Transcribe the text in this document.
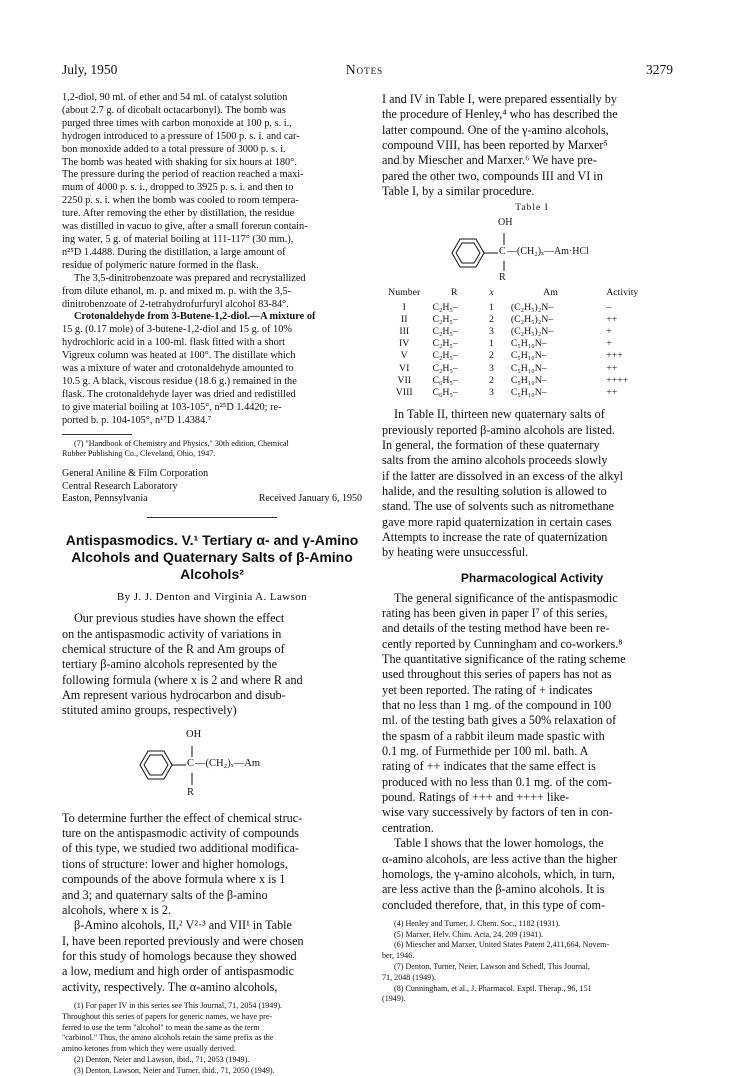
July, 1950	Notes	3279
1,2-diol, 90 ml. of ether and 54 ml. of catalyst solution
(about 2.7 g. of dicobalt octacarbonyl). The bomb was
purged three times with carbon monoxide at 100 p. s. i.,
hydrogen introduced to a pressure of 1500 p. s. i. and car-
bon monoxide added to a total pressure of 3000 p. s. i.
The bomb was heated with shaking for six hours at 180°.
The pressure during the period of reaction reached a maxi-
mum of 4000 p. s. i., dropped to 3925 p. s. i. and then to
2250 p. s. i. when the bomb was cooled to room tempera-
ture. After removing the ether by distillation, the residue
was distilled in vacuo to give, after a small forerun contain-
ing water, 5 g. of material boiling at 111-117° (30 mm.),
n²⁵D 1.4488. During the distillation, a large amount of
residue of polymeric nature formed in the flask.
The 3,5-dinitrobenzoate was prepared and recrystallized
from dilute ethanol, m. p. and mixed m. p. with the 3,5-
dinitrobenzoate of 2-tetrahydrofurfuryl alcohol 83-84°.
Crotonaldehyde from 3-Butene-1,2-diol.—A mixture of
15 g. (0.17 mole) of 3-butene-1,2-diol and 15 g. of 10%
hydrochloric acid in a 100-ml. flask fitted with a short
Vigreux column was heated at 100°. The distillate which
was a mixture of water and crotonaldehyde amounted to
10.5 g. A black, viscous residue (18.6 g.) remained in the
flask. The crotonaldehyde layer was dried and redistilled
to give material boiling at 103-105°, n²⁵D 1.4420; re-
ported b. p. 104-105°, n¹⁷D 1.4384.⁷
(7) "Handbook of Chemistry and Physics," 30th edition, Chemical
Rubber Publishing Co., Cleveland, Ohio, 1947.
General Aniline & Film Corporation
Central Research Laboratory
Easton, Pennsylvania	Received January 6, 1950
Antispasmodics. V.¹ Tertiary α- and γ-Amino
Alcohols and Quaternary Salts of β-Amino
Alcohols²
By J. J. Denton and Virginia A. Lawson
Our previous studies have shown the effect
on the antispasmodic activity of variations in
chemical structure of the R and Am groups of
tertiary β-amino alcohols represented by the
following formula (where x is 2 and where R and
Am represent various hydrocarbon and disub-
stituted amino groups, respectively)
OH
C —(CH₂)ₓ—Am
R
To determine further the effect of chemical struc-
ture on the antispasmodic activity of compounds
of this type, we studied two additional modifica-
tions of structure: lower and higher homologs,
compounds of the above formula where x is 1
and 3; and quaternary salts of the β-amino
alcohols, where x is 2.
β-Amino alcohols, II,² V²·³ and VII¹ in Table
I, have been reported previously and were chosen
for this study of homologs because they showed
a low, medium and high order of antispasmodic
activity, respectively. The α-amino alcohols,
(1) For paper IV in this series see This Journal, 71, 2054 (1949).
Throughout this series of papers for generic names, we have pre-
ferred to use the term "alcohol" to mean the same as the term
"carbinol." Thus, the amino alcohols retain the same prefix as the
amino ketones from which they were usually derived.
(2) Denton, Neier and Lawson, ibid., 71, 2053 (1949).
(3) Denton, Lawson, Neier and Turner, ibid., 71, 2050 (1949).
I and IV in Table I, were prepared essentially by
the procedure of Henley,⁴ who has described the
latter compound. One of the γ-amino alcohols,
compound VIII, has been reported by Marxer⁵
and by Miescher and Marxer.⁶ We have pre-
pared the other two, compounds III and VI in
Table I, by a similar procedure.
Table I
OH
C —(CH₂)ₓ—Am·HCl
R
Number	R	x	Am	Activity
I	C₂H₅–	1	(C₂H₅)₂N–	–
II	C₂H₅–	2	(C₂H₅)₂N–	++
III	C₂H₅–	3	(C₂H₅)₂N–	+
IV	C₂H₅–	1	C₅H₁₀N–	+
V	C₂H₅–	2	C₅H₁₀N–	+++
VI	C₂H₅–	3	C₅H₁₀N–	++
VII	C₆H₅–	2	C₅H₁₀N–	++++
VIII	C₆H₅–	3	C₅H₁₀N–	++
In Table II, thirteen new quaternary salts of
previously reported β-amino alcohols are listed.
In general, the formation of these quaternary
salts from the amino alcohols proceeds slowly
if the latter are dissolved in an excess of the alkyl
halide, and the resulting solution is allowed to
stand. The use of solvents such as nitromethane
gave more rapid quaternization in certain cases
Attempts to increase the rate of quaternization
by heating were unsuccessful.
Pharmacological Activity
The general significance of the antispasmodic
rating has been given in paper I⁷ of this series,
and details of the testing method have been re-
cently reported by Cunningham and co-workers.⁸
The quantitative significance of the rating scheme
used throughout this series of papers has not as
yet been reported. The rating of + indicates
that no less than 1 mg. of the compound in 100
ml. of the testing bath gives a 50% relaxation of
the spasm of a rabbit ileum made spastic with
0.1 mg. of Furmethide per 100 ml. bath. A
rating of ++ indicates that the same effect is
produced with no less than 0.1 mg. of the com-
pound. Ratings of +++ and ++++ like-
wise vary successively by factors of ten in con-
centration.
Table I shows that the lower homologs, the
α-amino alcohols, are less active than the higher
homologs, the γ-amino alcohols, which, in turn,
are less active than the β-amino alcohols. It is
concluded therefore, that, in this type of com-
(4) Henley and Turner, J. Chem. Soc., 1182 (1931).
(5) Marxer, Helv. Chim. Acta, 24, 209 (1941).
(6) Miescher and Marxer, United States Patent 2,411,664, Novem-
ber, 1946.
(7) Denton, Turner, Neier, Lawson and Schedl, This Journal,
71, 2048 (1949).
(8) Cunningham, et al., J. Pharmacol. Exptl. Therap., 96, 151
(1949).
